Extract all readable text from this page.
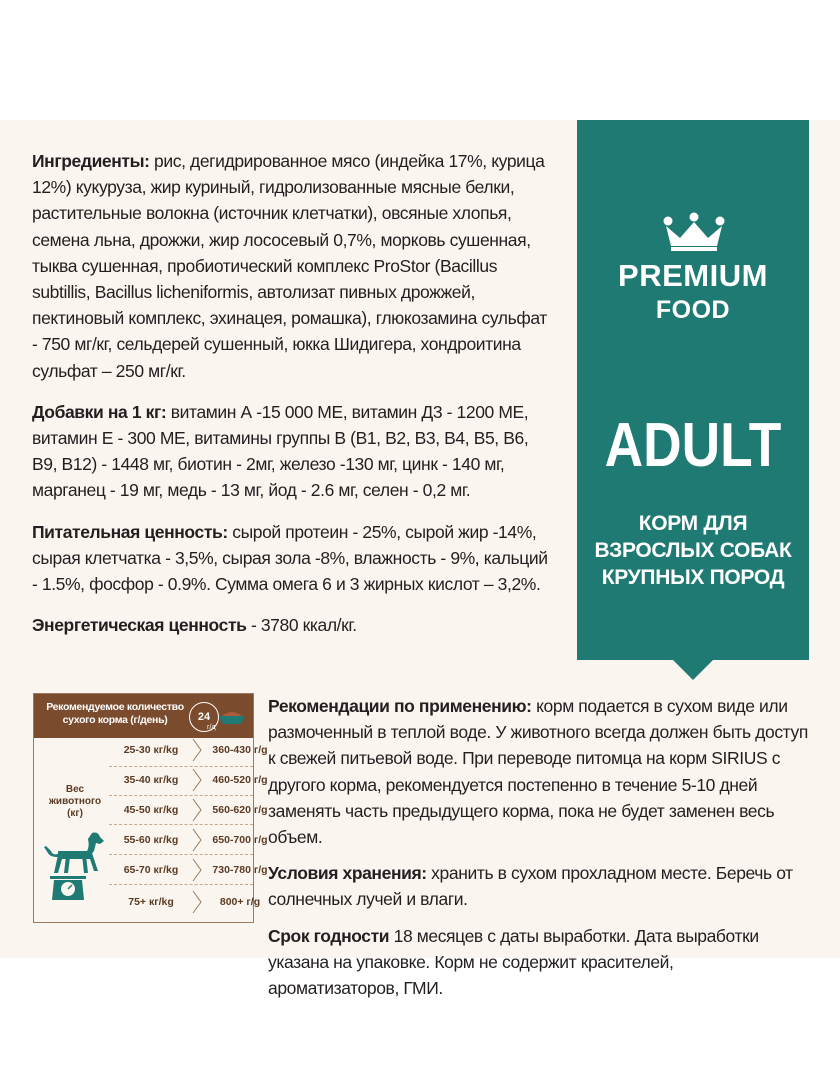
Ингредиенты: рис, дегидрированное мясо (индейка 17%, курица 12%) кукуруза, жир куриный, гидролизованные мясные белки, растительные волокна (источник клетчатки), овсяные хлопья, семена льна, дрожжи, жир лососевый 0,7%, морковь сушенная, тыква сушенная, пробиотический комплекс ProStor (Bacillus subtillis, Bacillus licheniformis, автолизат пивных дрожжей, пектиновый комплекс, эхинацея, ромашка), глюкозамина сульфат - 750 мг/кг, сельдерей сушенный, юкка Шидигера, хондроитина сульфат – 250 мг/кг.

Добавки на 1 кг: витамин А -15 000 МЕ, витамин Д3 - 1200 МЕ, витамин Е - 300 МЕ, витамины группы В (В1, В2, В3, В4, В5, В6, В9, В12) - 1448 мг, биотин - 2мг, железо -130 мг, цинк - 140 мг, марганец - 19 мг, медь - 13 мг, йод - 2.6 мг, селен - 0,2 мг.

Питательная ценность: сырой протеин - 25%, сырой жир -14%, сырая клетчатка - 3,5%, сырая зола -8%, влажность - 9%, кальций - 1.5%, фосфор - 0.9%. Сумма омега 6 и 3 жирных кислот – 3,2%.

Энергетическая ценность - 3780 ккал/кг.

PREMIUM
FOOD
ADULT
КОРМ ДЛЯ
ВЗРОСЛЫХ СОБАК
КРУПНЫХ ПОРОД
Рекомендуемое количество
сухого корма (г/день)	24
г/д
Вес
животного
(кг)
25-30 кг/kg	360-430 г/g
35-40 кг/kg	460-520 г/g
45-50 кг/kg	560-620 г/g
55-60 кг/kg	650-700 г/g
65-70 кг/kg	730-780 г/g
75+ кг/kg	800+ г/g

Рекомендации по применению: корм подается в сухом виде или размоченный в теплой воде. У животного всегда должен быть доступ к свежей питьевой воде. При переводе питомца на корм SIRIUS с другого корма, рекомендуется постепенно в течение 5-10 дней заменять часть предыдущего корма, пока не будет заменен весь объем.

Условия хранения: хранить в сухом прохладном месте. Беречь от солнечных лучей и влаги.

Срок годности 18 месяцев с даты выработки. Дата выработки указана на упаковке. Корм не содержит красителей, ароматизаторов, ГМИ.
